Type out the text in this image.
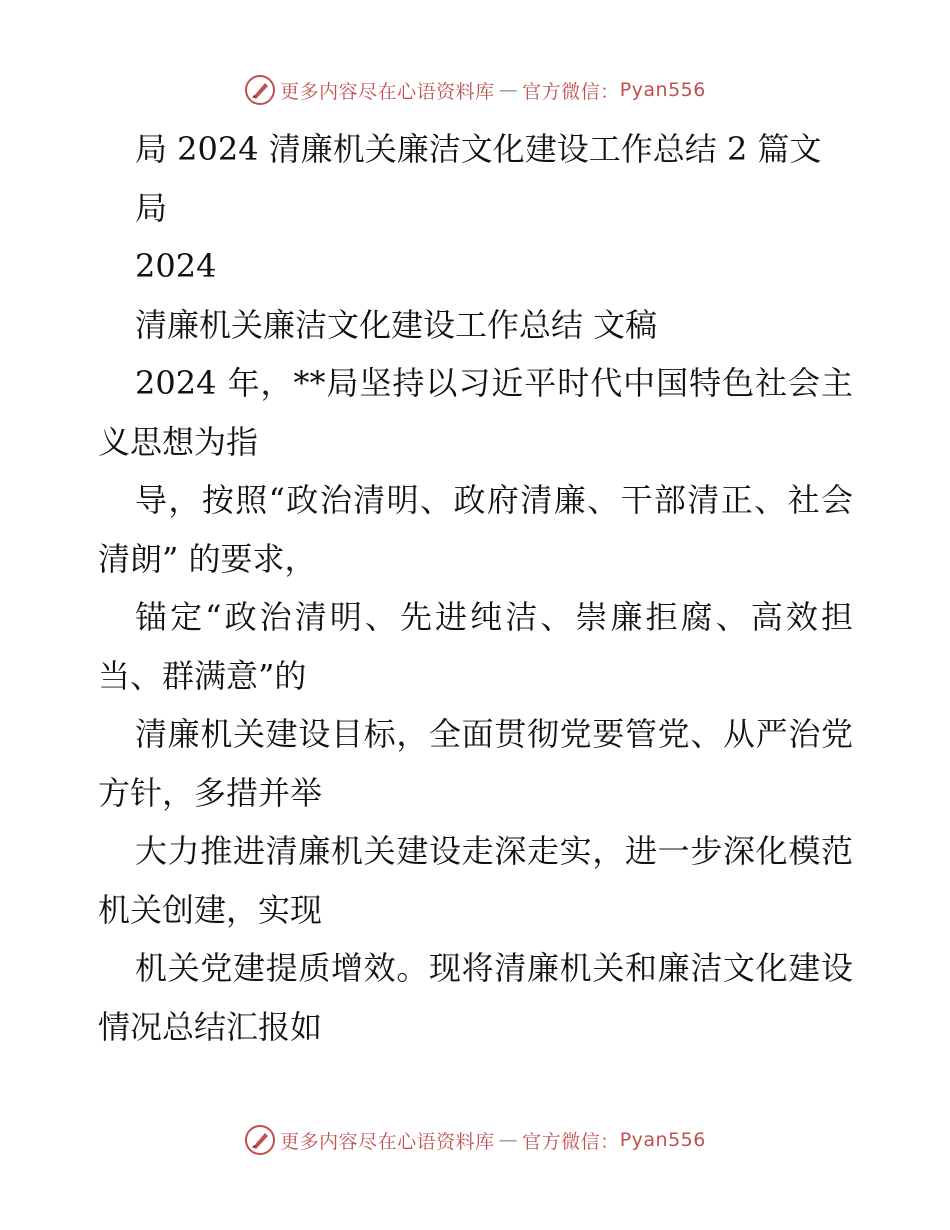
更多内容尽在心语资料库 — 官方微信： Pyan556

局 2024 清廉机关廉洁文化建设工作总结 2 篇文

局

2024

清廉机关廉洁文化建设工作总结 文稿

2024 年，**局坚持以习近平时代中国特色社会主义思想为指

导，按照“政治清明、政府清廉、干部清正、社会清朗” 的要求，

锚定“政治清明、先进纯洁、崇廉拒腐、高效担当、群满意”的

清廉机关建设目标，全面贯彻党要管党、从严治党方针，多措并举

大力推进清廉机关建设走深走实，进一步深化模范机关创建，实现

机关党建提质增效。现将清廉机关和廉洁文化建设情况总结汇报如

更多内容尽在心语资料库 — 官方微信： Pyan556
